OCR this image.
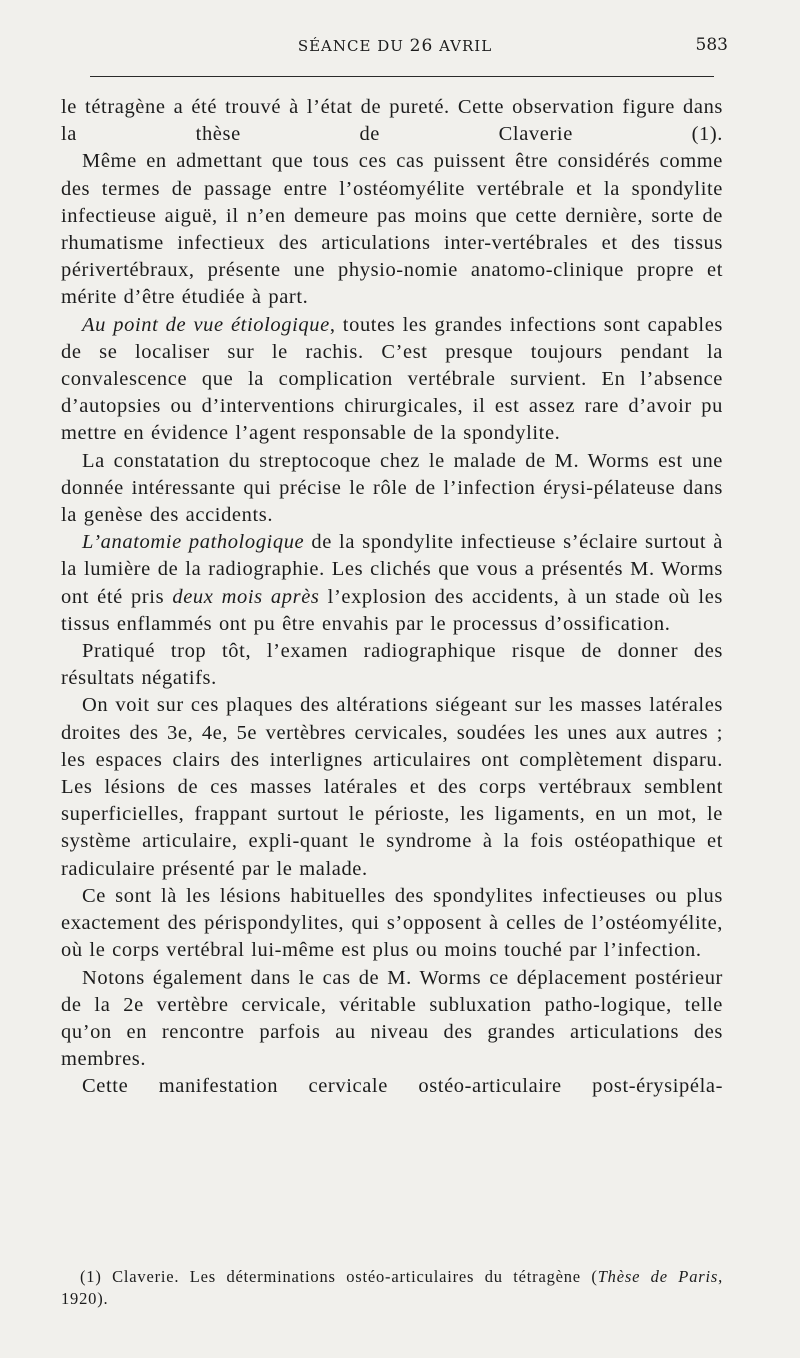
SÉANCE DU 26 AVRIL	583

le tétragène a été trouvé à l’état de pureté. Cette observation figure dans la thèse de Claverie (1).

Même en admettant que tous ces cas puissent être considérés comme des termes de passage entre l’ostéomyélite vertébrale et la spondylite infectieuse aiguë, il n’en demeure pas moins que cette dernière, sorte de rhumatisme infectieux des articulations inter-vertébrales et des tissus périvertébraux, présente une physio-nomie anatomo-clinique propre et mérite d’être étudiée à part.

Au point de vue étiologique, toutes les grandes infections sont capables de se localiser sur le rachis. C’est presque toujours pendant la convalescence que la complication vertébrale survient. En l’absence d’autopsies ou d’interventions chirurgicales, il est assez rare d’avoir pu mettre en évidence l’agent responsable de la spondylite.

La constatation du streptocoque chez le malade de M. Worms est une donnée intéressante qui précise le rôle de l’infection érysi-pélateuse dans la genèse des accidents.

L’anatomie pathologique de la spondylite infectieuse s’éclaire surtout à la lumière de la radiographie. Les clichés que vous a présentés M. Worms ont été pris deux mois après l’explosion des accidents, à un stade où les tissus enflammés ont pu être envahis par le processus d’ossification.

Pratiqué trop tôt, l’examen radiographique risque de donner des résultats négatifs.

On voit sur ces plaques des altérations siégeant sur les masses latérales droites des 3e, 4e, 5e vertèbres cervicales, soudées les unes aux autres ; les espaces clairs des interlignes articulaires ont complètement disparu. Les lésions de ces masses latérales et des corps vertébraux semblent superficielles, frappant surtout le périoste, les ligaments, en un mot, le système articulaire, expli-quant le syndrome à la fois ostéopathique et radiculaire présenté par le malade.

Ce sont là les lésions habituelles des spondylites infectieuses ou plus exactement des périspondylites, qui s’opposent à celles de l’ostéomyélite, où le corps vertébral lui-même est plus ou moins touché par l’infection.

Notons également dans le cas de M. Worms ce déplacement postérieur de la 2e vertèbre cervicale, véritable subluxation patho-logique, telle qu’on en rencontre parfois au niveau des grandes articulations des membres.

Cette manifestation cervicale ostéo-articulaire post-érysipéla-

(1) Claverie. Les déterminations ostéo-articulaires du tétragène (Thèse de Paris, 1920).
